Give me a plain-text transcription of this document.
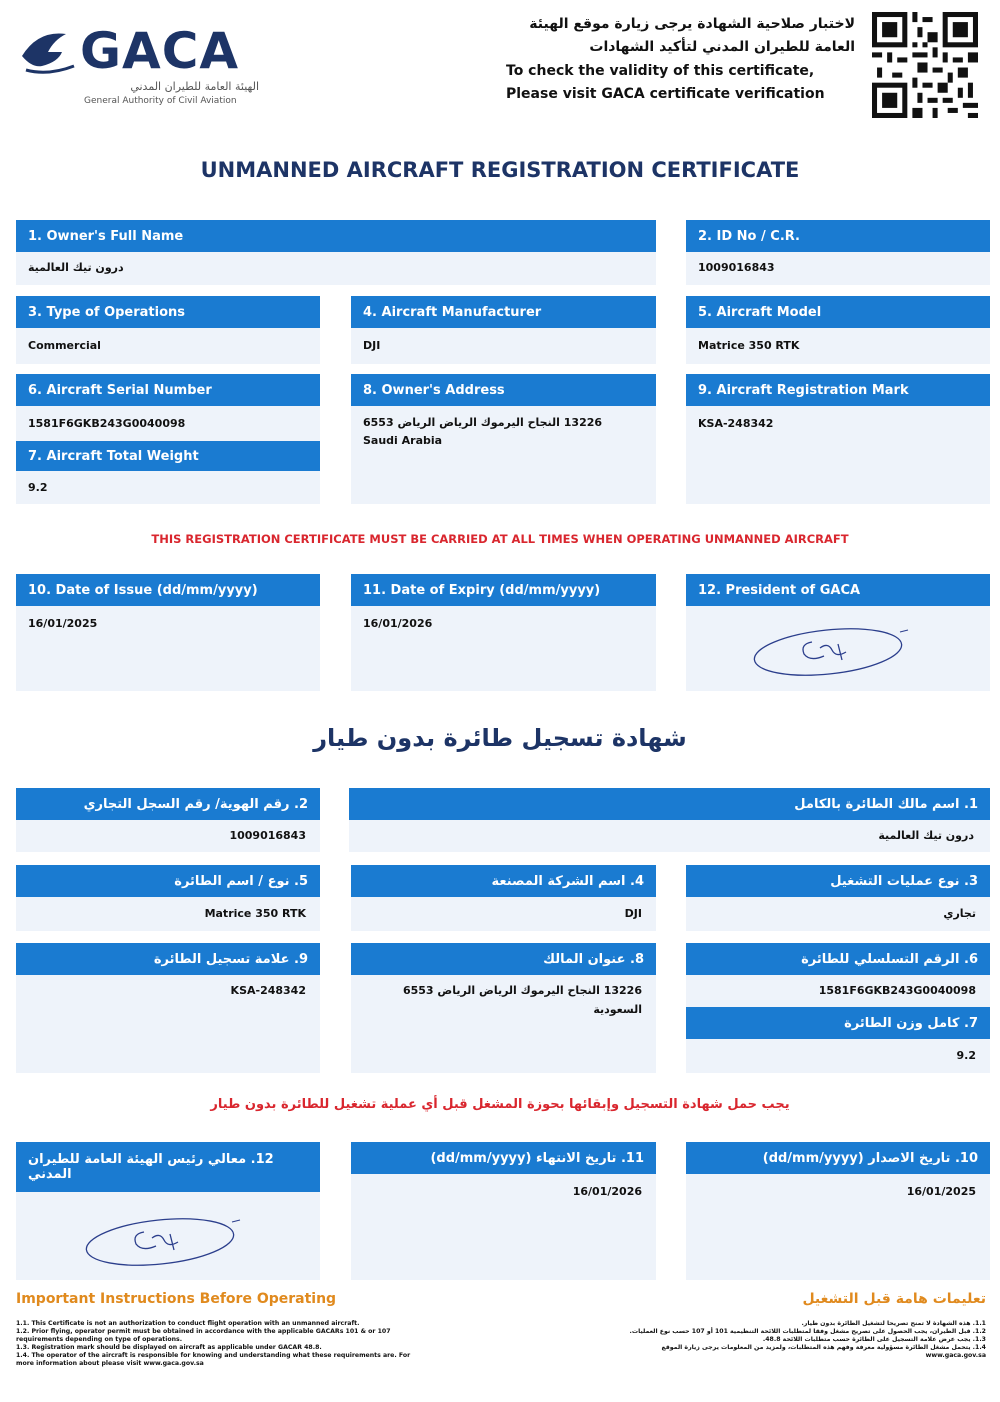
GACA
الهيئة العامة للطيران المدني
General Authority of Civil Aviation
لاختبار صلاحية الشهادة يرجى زيارة موقع الهيئة
العامة للطيران المدني لتأكيد الشهادات
To check the validity of this certificate,
Please visit GACA certificate verification
UNMANNED AIRCRAFT REGISTRATION CERTIFICATE
1. Owner's Full Name
درون تيك العالمية
2. ID No / C.R.
1009016843
3. Type of Operations
Commercial
4. Aircraft Manufacturer
DJI
5. Aircraft Model
Matrice 350 RTK
6. Aircraft Serial Number
1581F6GKB243G0040098
7. Aircraft Total Weight
9.2
8. Owner's Address
13226 النجاح اليرموك الرياض الرياض 6553
Saudi Arabia
9. Aircraft Registration Mark
KSA-248342
THIS REGISTRATION CERTIFICATE MUST BE CARRIED AT ALL TIMES WHEN OPERATING UNMANNED AIRCRAFT
10. Date of Issue (dd/mm/yyyy)
16/01/2025
11. Date of Expiry (dd/mm/yyyy)
16/01/2026
12. President of GACA
شهادة تسجيل طائرة بدون طيار
2. رقم الهوية/ رقم السجل التجاري
1009016843
1. اسم مالك الطائرة بالكامل
درون تيك العالمية
5. نوع / اسم الطائرة
Matrice 350 RTK
4. اسم الشركة المصنعة
DJI
3. نوع عمليات التشغيل
تجاري
9. علامة تسجيل الطائرة
KSA-248342
8. عنوان المالك
13226 النجاح اليرموك الرياض الرياض 6553
السعودية
6. الرقم التسلسلي للطائرة
1581F6GKB243G0040098
7. كامل وزن الطائرة
9.2
يجب حمل شهادة التسجيل وإبقائها بحوزة المشغل قبل أي عملية تشغيل للطائرة بدون طيار
12. معالي رئيس الهيئة العامة للطيران
المدني
11. تاريخ الانتهاء (dd/mm/yyyy)
16/01/2026
10. تاريخ الاصدار (dd/mm/yyyy)
16/01/2025
Important Instructions Before Operating	تعليمات هامة قبل التشغيل
1.1. This Certificate is not an authorization to conduct flight operation with an unmanned aircraft.
1.2. Prior flying, operator permit must be obtained in accordance with the applicable GACARs 101 & or 107
requirements depending on type of operations.
1.3. Registration mark should be displayed on aircraft as applicable under GACAR 48.8.
1.4. The operator of the aircraft is responsible for knowing and understanding what these requirements are. For
more information about please visit www.gaca.gov.sa
1.1. هذه الشهادة لا تمنح تصريحا لتشغيل الطائرة بدون طيار.
1.2. قبل الطيران، يجب الحصول على تصريح مشغل وفقا لمتطلبات اللائحة التنظيمية 101 أو 107 حسب نوع العمليات.
1.3. يجب عرض علامة التسجيل على الطائرة حسب متطلبات اللائحة 48.8.
1.4. يتحمل مشغل الطائرة مسؤولية معرفة وفهم هذه المتطلبات، ولمزيد من المعلومات يرجى زيارة الموقع
www.gaca.gov.sa
